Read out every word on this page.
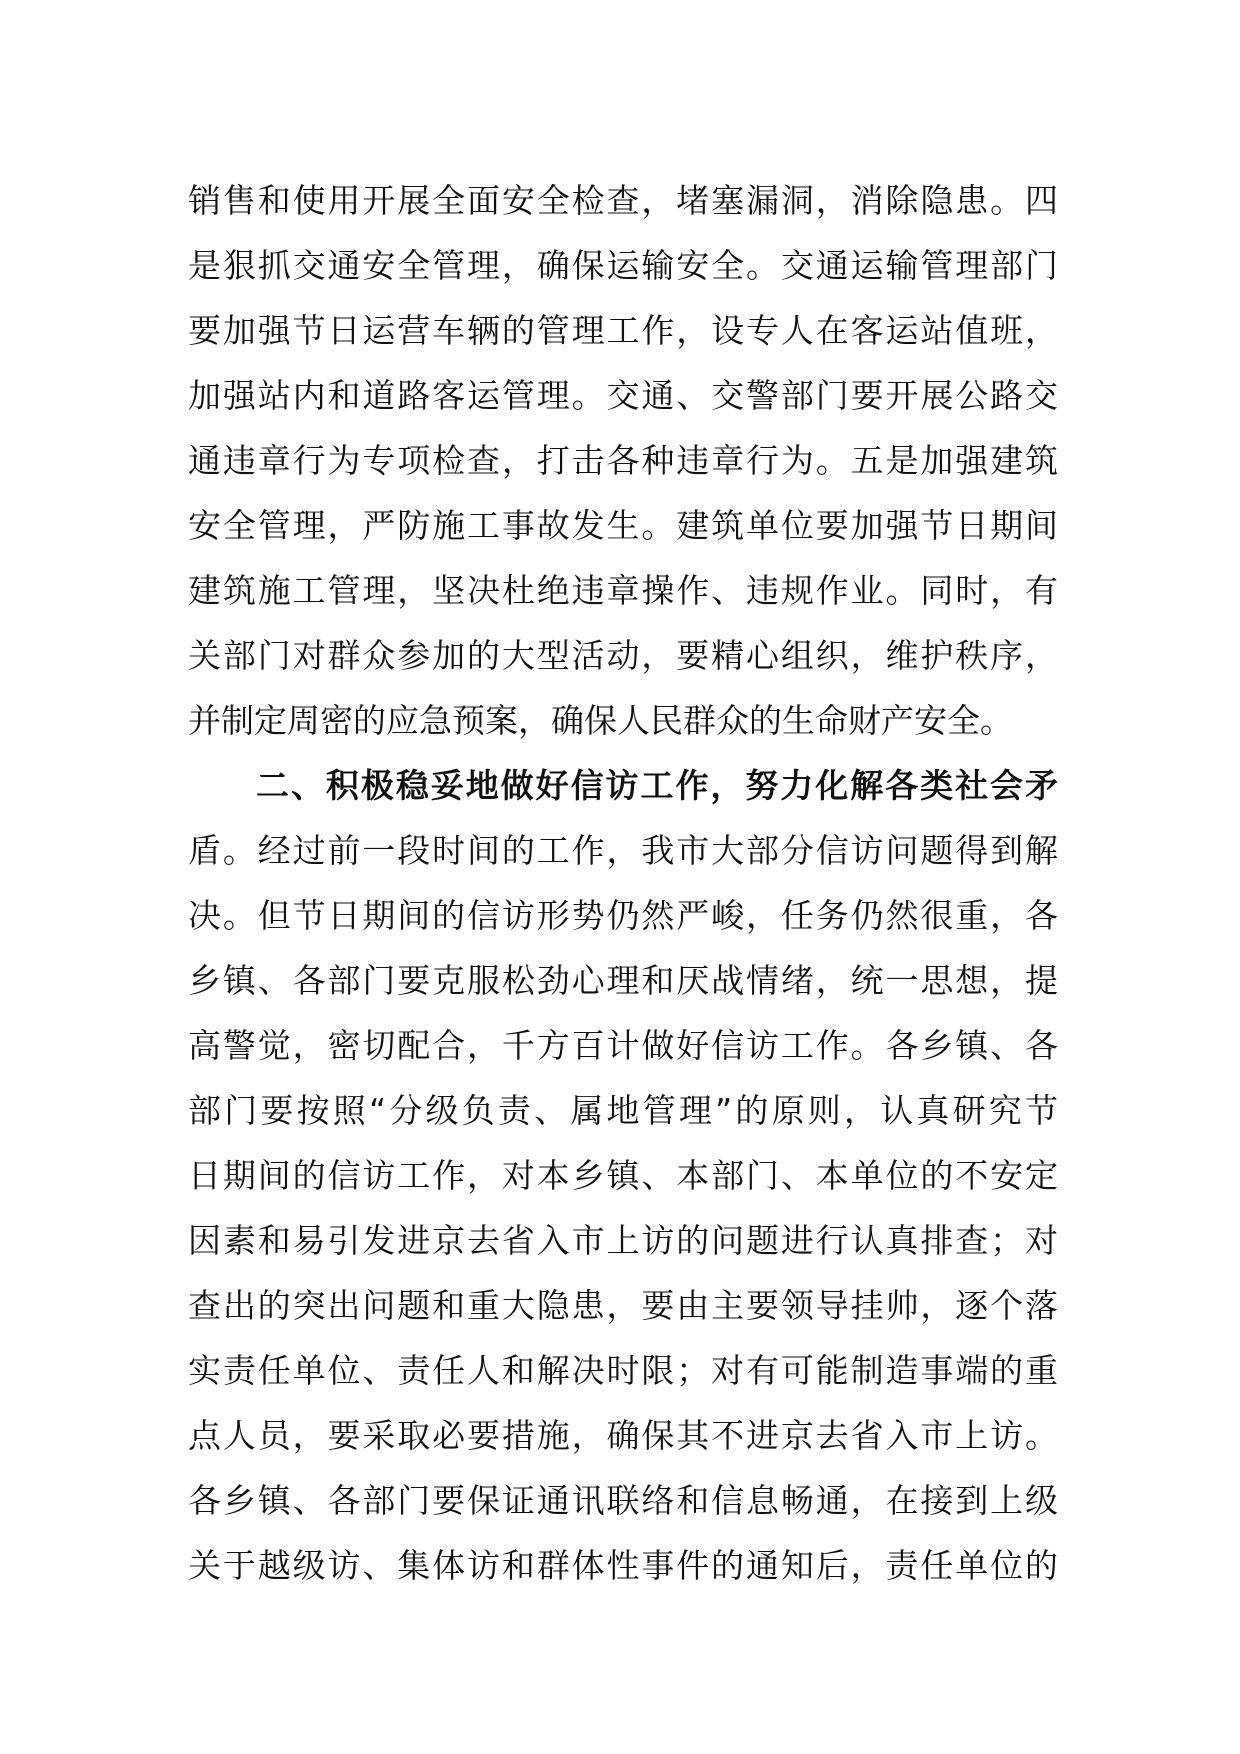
销售和使用开展全面安全检查，堵塞漏洞，消除隐患。四
是狠抓交通安全管理，确保运输安全。交通运输管理部门
要加强节日运营车辆的管理工作，设专人在客运站值班，
加强站内和道路客运管理。交通、交警部门要开展公路交
通违章行为专项检查，打击各种违章行为。五是加强建筑
安全管理，严防施工事故发生。建筑单位要加强节日期间
建筑施工管理，坚决杜绝违章操作、违规作业。同时，有
关部门对群众参加的大型活动，要精心组织，维护秩序，
并制定周密的应急预案，确保人民群众的生命财产安全。
二、积极稳妥地做好信访工作，努力化解各类社会矛
盾。经过前一段时间的工作，我市大部分信访问题得到解
决。但节日期间的信访形势仍然严峻，任务仍然很重，各
乡镇、各部门要克服松劲心理和厌战情绪，统一思想，提
高警觉，密切配合，千方百计做好信访工作。各乡镇、各
部门要按照“分级负责、属地管理”的原则，认真研究节
日期间的信访工作，对本乡镇、本部门、本单位的不安定
因素和易引发进京去省入市上访的问题进行认真排查；对
查出的突出问题和重大隐患，要由主要领导挂帅，逐个落
实责任单位、责任人和解决时限；对有可能制造事端的重
点人员，要采取必要措施，确保其不进京去省入市上访。
各乡镇、各部门要保证通讯联络和信息畅通，在接到上级
关于越级访、集体访和群体性事件的通知后，责任单位的
